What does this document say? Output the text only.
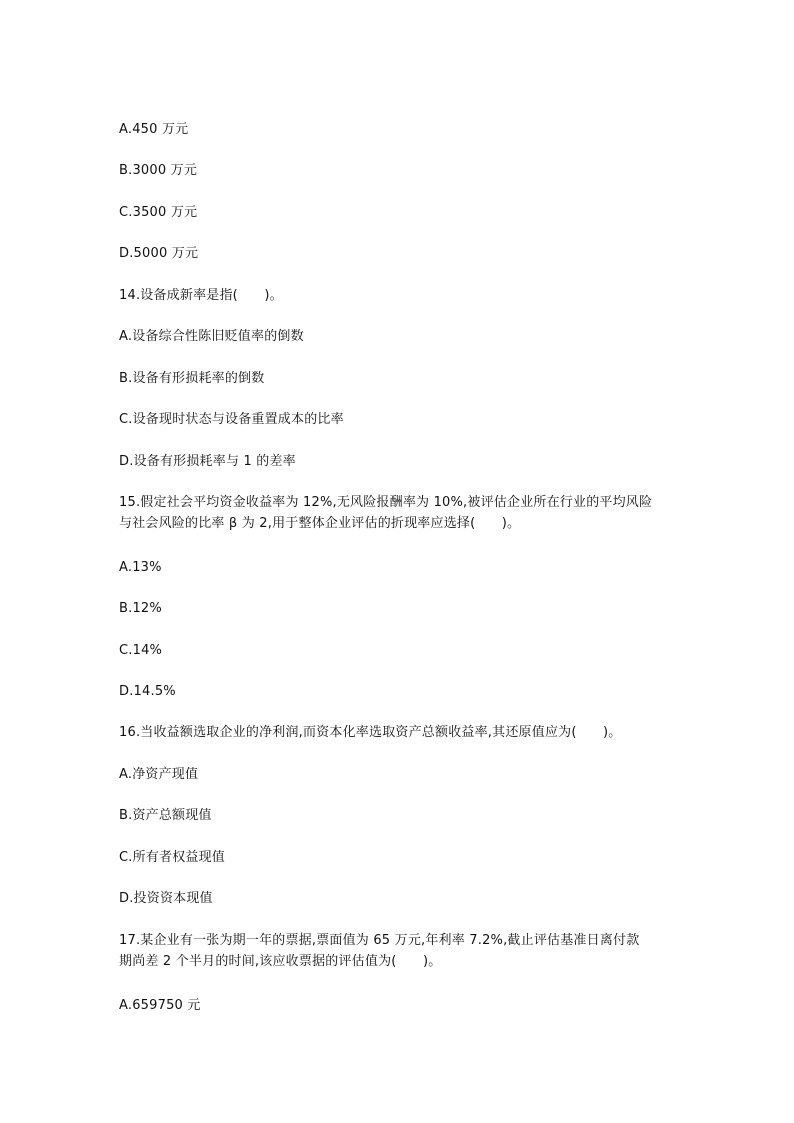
A.450 万元
B.3000 万元
C.3500 万元
D.5000 万元
14.设备成新率是指(　　)。
A.设备综合性陈旧贬值率的倒数
B.设备有形损耗率的倒数
C.设备现时状态与设备重置成本的比率
D.设备有形损耗率与 1 的差率
15.假定社会平均资金收益率为 12%,无风险报酬率为 10%,被评估企业所在行业的平均风险
与社会风险的比率 β 为 2,用于整体企业评估的折现率应选择(　　)。
A.13%
B.12%
C.14%
D.14.5%
16.当收益额选取企业的净利润,而资本化率选取资产总额收益率,其还原值应为(　　)。
A.净资产现值
B.资产总额现值
C.所有者权益现值
D.投资资本现值
17.某企业有一张为期一年的票据,票面值为 65 万元,年利率 7.2%,截止评估基准日离付款
期尚差 2 个半月的时间,该应收票据的评估值为(　　)。
A.659750 元
